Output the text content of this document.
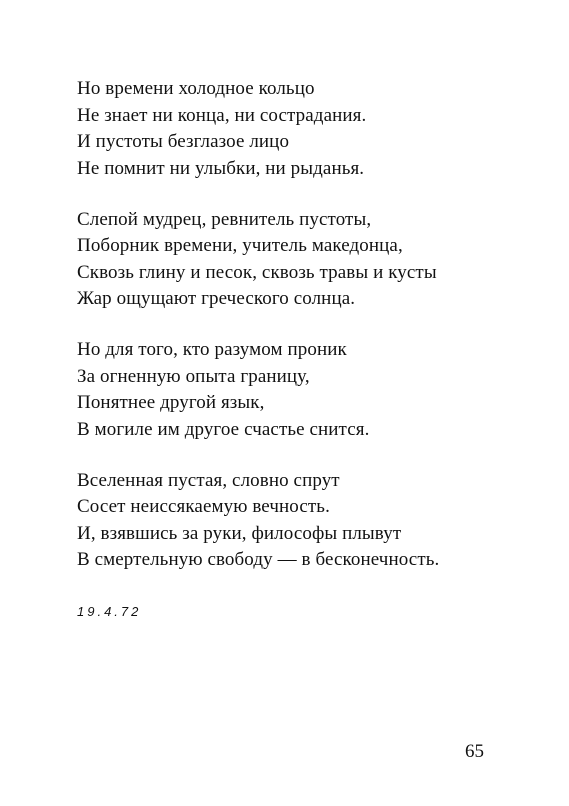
Но времени холодное кольцо
Не знает ни конца, ни сострадания.
И пустоты безглазое лицо
Не помнит ни улыбки, ни рыданья.
Слепой мудрец, ревнитель пустоты,
Поборник времени, учитель македонца,
Сквозь глину и песок, сквозь травы и кусты
Жар ощущают греческого солнца.
Но для того, кто разумом проник
За огненную опыта границу,
Понятнее другой язык,
В могиле им другое счастье снится.
Вселенная пустая, словно спрут
Сосет неиссякаемую вечность.
И, взявшись за руки, философы плывут
В смертельную свободу — в бесконечность.
19.4.72
65
